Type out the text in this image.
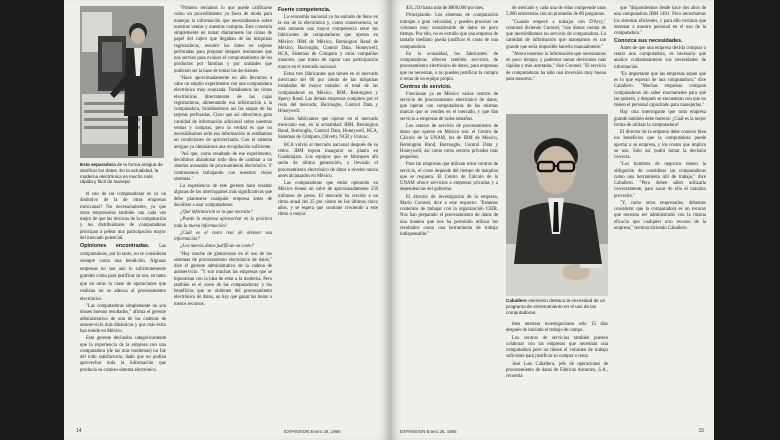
Esta separadora de la forma antigua de dosificar los datos. En la actualidad, la moderna electrónica es mucho más rápida y fácil de manejar.

el uso de las computadoras es ya un distintivo de la de otras empresas mexicanas? No necesariamente, ya que otros empresarios también van cada vez mejor de que las técnicas de la computación y los distribuidores de computadoras principan a pelear una participación mayor del mercado potencial.

Opiniones encontradas. Las computadoras, por lo tanto, no se consideran siempre como una bendición. Algunas empresas no son aún lo suficientemente grandes como para justificar su uso, en tanto que en otras la clase de operaciones que realizan no se adecua al procesamiento electrónico.

"Las computadoras simplemente no son dioses buenos resultados," afirma el gerente administrativo de una de las cadenas de autoservicio más dinámicas y que más éxito han tenido en México.

Este gerente declaraba categóricamente que la experiencia de la empresa con una computadora (de las más modernas) no fue del todo satisfactoria, dado que no podían aprovechar toda la información que producía su costoso sistema electrónico.

"Primero teníamos lo que puede calificarse como un procedimiento ya fuera de moda para manejar la información que necesitábamos sobre nuestras ventas y nuestras compras. Este consistía simplemente en tomar diariamente las cintas de papel del cajero que llegaban de las máquinas registradoras, resumir los datos en tarjetas perforadas para preparar después resúmenes que nos servían para evaluar el comportamiento de los productos por familias y por unidades que pudieran ser la base de tomar las decisiones.

"Hace aproximadamente un año llevamos a cabo un amplio experimento con una computadora electrónica muy avanzada. Tomábamos las cintas electrónicas directamente de las cajas registradoras, alimentando esa información a la computadora, brindándonos así las etapas de las tarjetas perforadas. Claro que así obtuvimos gran cantidad de información adicional sobre nuestras ventas y compras, pero la verdad es que no necesitábamos toda esa información ni estábamos en condiciones de aprovecharla. Con el sistema antiguo ya obteníamos una recopilación suficiente.

"Así que, como resultado de ese experimento, decidimos abandonar todo idea de cambiar a un sistema avanzado de procesamiento electrónico. Y continuamos trabajando con nuestros viejos sistemas."

La experiencia de este gerente hace resaltar algunas de las interrogantes más significativas que debe plantearse cualquier empresa antes de decidirse a usar computadoras:

¿Qué información es la que necesito?

¿Puede la empresa aprovechar en la práctica toda la nueva información?

¿Cuál es el costo real de obtener esa información?

¿Los nuevos datos justifican su costo?

"Hay mucho de glamorosos en el uso de los sistemas de procesamiento electrónico de datos," dice el gerente administrativo de la cadena de autoservicio. "Y son muchas las empresas que se hipnotizan con la idea de estar a la moderna. Pero también es el costo de las computadoras: y los beneficios que se obtienen del procesamiento electrónico de datos, no hay que ganar las horas o menos recursos.

Fuerte competencia.

La economía nacional ya ha entrado de lleno en la era de la electrónica y, como consecuencia, se está notando una mayor competencia entre los fabricantes de computadoras que operan en México: IBM de México, Remington Rand de México, Burroughs, Control Data, Honeywell, RCA, Sistemas de Cómputo y otras compañías menores, que tratan de captar una participación mayor en el mercado nacional.

Estos tres fabricantes que tienen en el mercado mexicano del 60 por ciento de las máquinas instaladas de mayor tamaño: el total de las computadoras en México. IBM, Remington y Sperry Rand. Las demás empresas compiten por el resto del mercado; Burroughs, Control Data y Honeywell.

Estos fabricantes que operan en el mercado mexicano son, en la actualidad: IBM, Remington Rand, Burroughs, Control Data, Honeywell, RCA, Sistemas de Cómputo, Olivetti, NCR y Univac.

RCA volvió al mercado nacional después de su retiro. IBM espera inaugurar su planta en Guadalajara. Los equipos que se fabriquen ahí serán de última generación, y llevarán el procesamiento electrónico de datos a niveles nunca antes alcanzados en México.

Las computadoras que están operando en México tienen un valor de aproximadamente 250 millones de pesos. El mercado ha crecido a un ritmo anual del 25 por ciento en los últimos cinco años, y se espera que continúe creciendo a este ritmo o mayor.

14	EXPANSION Enero 26, 1966

$31,250 hasta más de $800,000 por mes.

Principiando. Los sistemas de computación trabajan a gran velocidad, y pueden procesar un volumen muy considerable de datos en poco tiempo. Por ello, no es extraño que una empresa de tamaño mediano pueda justificar el costo de una computadora.

En la actualidad, los fabricantes de computadoras ofrecen también servicios de procesamiento electrónico de datos, para empresas que no necesitan, o no pueden justificar la compra o renta de un equipo propio.

Centros de servicio.

Funcionan ya en México varios centros de servicio de procesamiento electrónico de datos, que operan con computadoras de las mismas marcas que se venden en el mercado, y que dan servicio a empresas de todos tamaños.

Los centros de servicio de procesamiento de datos que operan en México son: el Centro de Cálculo de la UNAM, los de IBM de México, Remington Rand, Burroughs, Control Data y Honeywell, así como otros centros privados más pequeños.

Para las empresas que utilizan estos centros de servicio, el costo depende del tiempo de máquina que se requiera. El Centro de Cálculo de la UNAM ofrece servicios a empresas privadas y a dependencias del gobierno.

El director de investigación de la empresa, Mario Coronel, dice a este respecto: "Estamos contentos de trabajar con la organización CEIR. Nos han preparado el procesamiento de datos de una manera que nos ha permitido utilizar los resultados como una herramienta de trabajo indispensable."

de mercado y cada una de ellas comprende unas 5,000 entrevistas con un promedio de 80 preguntas.

"Cuando empecé a trabajar con D'Arcy," continuó diciendo Coronel, "nos dimos cuenta de que necesitábamos un servicio de computadora. La cantidad de información que manejamos es tan grande que sería imposible hacerlo manualmente."

"Ahora tenemos la información que necesitamos en poco tiempo, y podemos tomar decisiones más rápidas y más acertadas," dice Coronel. "El servicio de computadoras ha sido una inversión muy buena para nosotros."

Caballero Asimismo destaca la necesidad de un programa de entrenamiento en el uso de las computadoras.

bien nuestras investigaciones solo 15 días después de iniciado el trabajo de campo.

Los centros de servicios también pueden colaborar con las empresas que necesitan una computadora pero no tienen el volumen de trabajo suficiente para justificar su compra o renta.

José Luis Caballero, jefe de operaciones de procesamiento de datos de Fábricas Automex, S.A., recuerda

que "dispondremos desde hace dos años de una computadora IBM 1401. Pero necesitamos los sistemas eficientes, y para ello tuvimos que entrenar a nuestro personal en el uso de la computadora."

Conozca sus necesidades.

Antes de que una empresa decida comprar o rentar una computadora, es necesario que analice cuidadosamente sus necesidades de información.

"Es importante que las empresas sepan qué es lo que esperan de una computadora," dice Caballero. "Muchas empresas compran computadoras sin saber exactamente para qué las quieren, y después se encuentran con que no tienen el personal capacitado para manejarlas."

Hay otra interrogante que toda empresa grande también debe hacerse: ¿Cuál es la mejor forma de utilizar la computadora?

El director de la empresa debe conocer bien los beneficios que la computadora puede aportar a su empresa, y los costos que implica su uso. Solo así podrá tomar la decisión correcta.

"Los hombres de negocios tienen la obligación de considerar las computadoras como una herramienta útil de trabajo," dice Caballero. "Pero deben saber utilizarla correctamente, para sacar de ella el máximo provecho."

"Y, como otros empresarios, debemos considerar que la computadora es un recurso que necesita ser administrado con la misma eficacia que cualquier otro recurso de la empresa," termina diciendo Caballero.

EXPANSION Enero 26, 1966	15
